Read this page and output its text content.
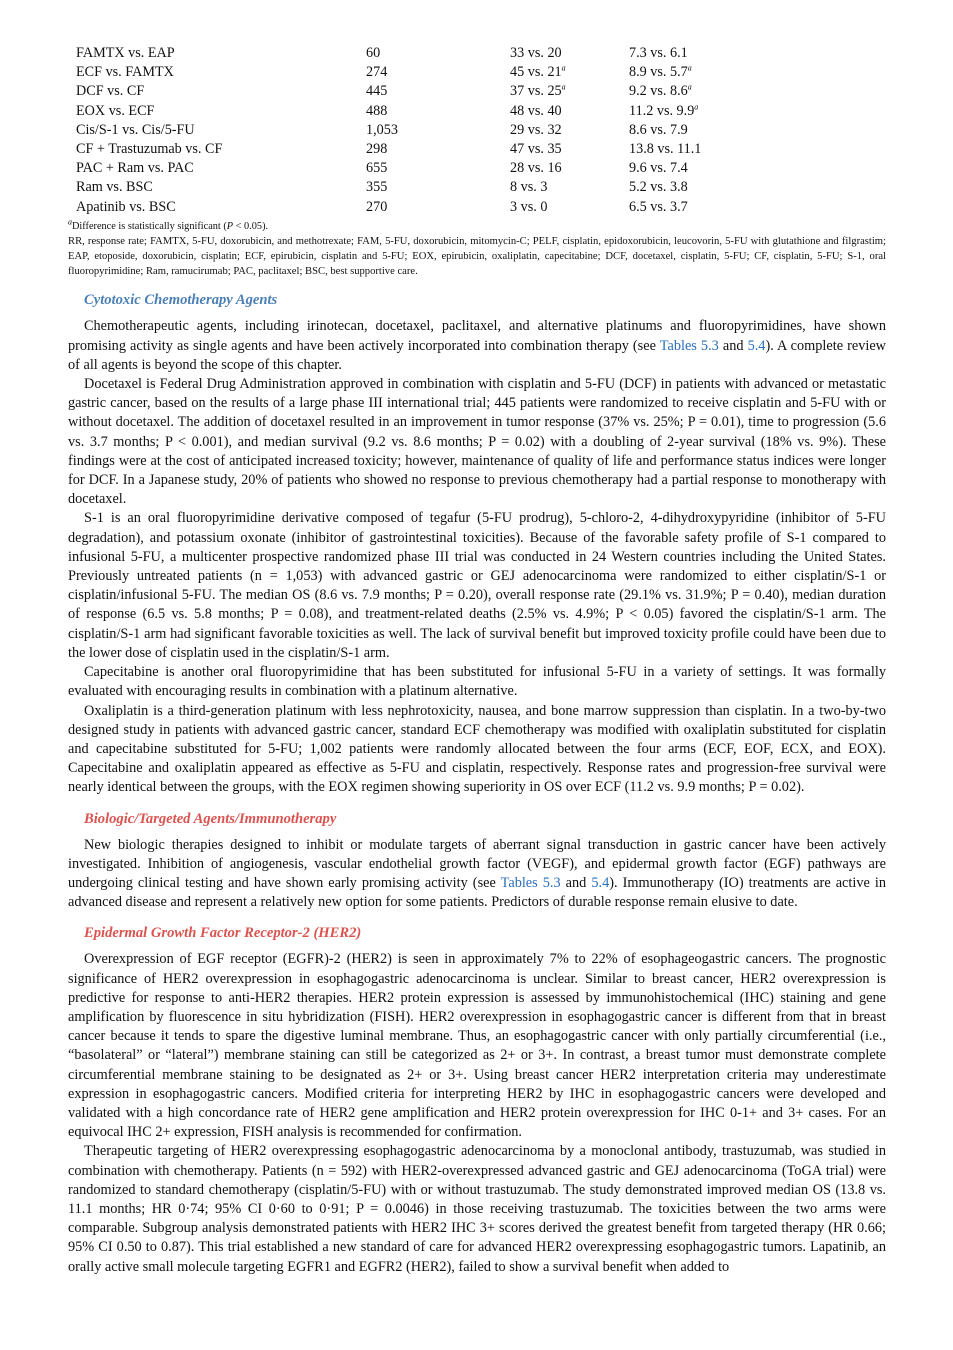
FAMTX vs. EAP	60	33 vs. 20	7.3 vs. 6.1
ECF vs. FAMTX	274	45 vs. 21$^a$	8.9 vs. 5.7$^a$
DCF vs. CF	445	37 vs. 25$^a$	9.2 vs. 8.6$^a$
EOX vs. ECF	488	48 vs. 40	11.2 vs. 9.9$^a$
Cis/S-1 vs. Cis/5-FU	1,053	29 vs. 32	8.6 vs. 7.9
CF + Trastuzumab vs. CF	298	47 vs. 35	13.8 vs. 11.1
PAC + Ram vs. PAC	655	28 vs. 16	9.6 vs. 7.4
Ram vs. BSC	355	8 vs. 3	5.2 vs. 3.8
Apatinib vs. BSC	270	3 vs. 0	6.5 vs. 3.7
$^a$Difference is statistically significant (P < 0.05).
RR, response rate; FAMTX, 5-FU, doxorubicin, and methotrexate; FAM, 5-FU, doxorubicin, mitomycin-C; PELF, cisplatin, epidoxorubicin, leucovorin, 5-FU with glutathione and filgrastim; EAP, etoposide, doxorubicin, cisplatin; ECF, epirubicin, cisplatin and 5-FU; EOX, epirubicin, oxaliplatin, capecitabine; DCF, docetaxel, cisplatin, 5-FU; CF, cisplatin, 5-FU; S-1, oral fluoropyrimidine; Ram, ramucirumab; PAC, paclitaxel; BSC, best supportive care.
Cytotoxic Chemotherapy Agents

Chemotherapeutic agents, including irinotecan, docetaxel, paclitaxel, and alternative platinums and fluoropyrimidines, have shown promising activity as single agents and have been actively incorporated into combination therapy (see Tables 5.3 and 5.4). A complete review of all agents is beyond the scope of this chapter.

Docetaxel is Federal Drug Administration approved in combination with cisplatin and 5-FU (DCF) in patients with advanced or metastatic gastric cancer, based on the results of a large phase III international trial; 445 patients were randomized to receive cisplatin and 5-FU with or without docetaxel. The addition of docetaxel resulted in an improvement in tumor response (37% vs. 25%; P = 0.01), time to progression (5.6 vs. 3.7 months; P < 0.001), and median survival (9.2 vs. 8.6 months; P = 0.02) with a doubling of 2-year survival (18% vs. 9%). These findings were at the cost of anticipated increased toxicity; however, maintenance of quality of life and performance status indices were longer for DCF. In a Japanese study, 20% of patients who showed no response to previous chemotherapy had a partial response to monotherapy with docetaxel.

S-1 is an oral fluoropyrimidine derivative composed of tegafur (5-FU prodrug), 5-chloro-2, 4-dihydroxypyridine (inhibitor of 5-FU degradation), and potassium oxonate (inhibitor of gastrointestinal toxicities). Because of the favorable safety profile of S-1 compared to infusional 5-FU, a multicenter prospective randomized phase III trial was conducted in 24 Western countries including the United States. Previously untreated patients (n = 1,053) with advanced gastric or GEJ adenocarcinoma were randomized to either cisplatin/S-1 or cisplatin/infusional 5-FU. The median OS (8.6 vs. 7.9 months; P = 0.20), overall response rate (29.1% vs. 31.9%; P = 0.40), median duration of response (6.5 vs. 5.8 months; P = 0.08), and treatment-related deaths (2.5% vs. 4.9%; P < 0.05) favored the cisplatin/S-1 arm. The cisplatin/S-1 arm had significant favorable toxicities as well. The lack of survival benefit but improved toxicity profile could have been due to the lower dose of cisplatin used in the cisplatin/S-1 arm.

Capecitabine is another oral fluoropyrimidine that has been substituted for infusional 5-FU in a variety of settings. It was formally evaluated with encouraging results in combination with a platinum alternative.

Oxaliplatin is a third-generation platinum with less nephrotoxicity, nausea, and bone marrow suppression than cisplatin. In a two-by-two designed study in patients with advanced gastric cancer, standard ECF chemotherapy was modified with oxaliplatin substituted for cisplatin and capecitabine substituted for 5-FU; 1,002 patients were randomly allocated between the four arms (ECF, EOF, ECX, and EOX). Capecitabine and oxaliplatin appeared as effective as 5-FU and cisplatin, respectively. Response rates and progression-free survival were nearly identical between the groups, with the EOX regimen showing superiority in OS over ECF (11.2 vs. 9.9 months; P = 0.02).

Biologic/Targeted Agents/Immunotherapy

New biologic therapies designed to inhibit or modulate targets of aberrant signal transduction in gastric cancer have been actively investigated. Inhibition of angiogenesis, vascular endothelial growth factor (VEGF), and epidermal growth factor (EGF) pathways are undergoing clinical testing and have shown early promising activity (see Tables 5.3 and 5.4). Immunotherapy (IO) treatments are active in advanced disease and represent a relatively new option for some patients. Predictors of durable response remain elusive to date.

Epidermal Growth Factor Receptor-2 (HER2)

Overexpression of EGF receptor (EGFR)-2 (HER2) is seen in approximately 7% to 22% of esophageogastric cancers. The prognostic significance of HER2 overexpression in esophagogastric adenocarcinoma is unclear. Similar to breast cancer, HER2 overexpression is predictive for response to anti-HER2 therapies. HER2 protein expression is assessed by immunohistochemical (IHC) staining and gene amplification by fluorescence in situ hybridization (FISH). HER2 overexpression in esophagogastric cancer is different from that in breast cancer because it tends to spare the digestive luminal membrane. Thus, an esophagogastric cancer with only partially circumferential (i.e., “basolateral” or “lateral”) membrane staining can still be categorized as 2+ or 3+. In contrast, a breast tumor must demonstrate complete circumferential membrane staining to be designated as 2+ or 3+. Using breast cancer HER2 interpretation criteria may underestimate expression in esophagogastric cancers. Modified criteria for interpreting HER2 by IHC in esophagogastric cancers were developed and validated with a high concordance rate of HER2 gene amplification and HER2 protein overexpression for IHC 0-1+ and 3+ cases. For an equivocal IHC 2+ expression, FISH analysis is recommended for confirmation.

Therapeutic targeting of HER2 overexpressing esophagogastric adenocarcinoma by a monoclonal antibody, trastuzumab, was studied in combination with chemotherapy. Patients (n = 592) with HER2-overexpressed advanced gastric and GEJ adenocarcinoma (ToGA trial) were randomized to standard chemotherapy (cisplatin/5-FU) with or without trastuzumab. The study demonstrated improved median OS (13.8 vs. 11.1 months; HR 0·74; 95% CI 0·60 to 0·91; P = 0.0046) in those receiving trastuzumab. The toxicities between the two arms were comparable. Subgroup analysis demonstrated patients with HER2 IHC 3+ scores derived the greatest benefit from targeted therapy (HR 0.66; 95% CI 0.50 to 0.87). This trial established a new standard of care for advanced HER2 overexpressing esophagogastric tumors. Lapatinib, an orally active small molecule targeting EGFR1 and EGFR2 (HER2), failed to show a survival benefit when added to
